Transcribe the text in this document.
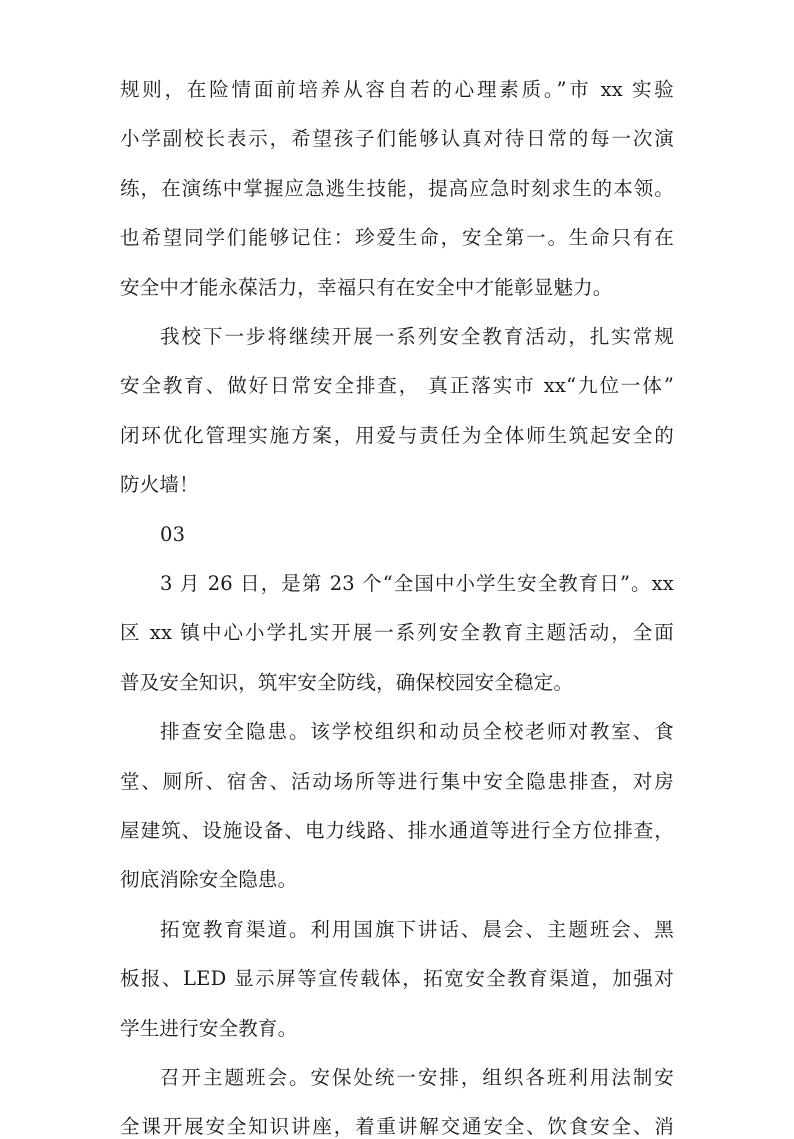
规则，在险情面前培养从容自若的心理素质。”市 xx 实验
小学副校长表示，希望孩子们能够认真对待日常的每一次演
练，在演练中掌握应急逃生技能，提高应急时刻求生的本领。
也希望同学们能够记住：珍爱生命，安全第一。生命只有在
安全中才能永葆活力，幸福只有在安全中才能彰显魅力。
我校下一步将继续开展一系列安全教育活动，扎实常规
安全教育、做好日常安全排查， 真正落实市 xx“九位一体”
闭环优化管理实施方案，用爱与责任为全体师生筑起安全的
防火墙！
03
3 月 26 日，是第 23 个“全国中小学生安全教育日”。xx
区 xx 镇中心小学扎实开展一系列安全教育主题活动，全面
普及安全知识，筑牢安全防线，确保校园安全稳定。
排查安全隐患。该学校组织和动员全校老师对教室、食
堂、厕所、宿舍、活动场所等进行集中安全隐患排查，对房
屋建筑、设施设备、电力线路、排水通道等进行全方位排查，
彻底消除安全隐患。
拓宽教育渠道。利用国旗下讲话、晨会、主题班会、黑
板报、LED 显示屏等宣传载体，拓宽安全教育渠道，加强对
学生进行安全教育。
召开主题班会。安保处统一安排，组织各班利用法制安
全课开展安全知识讲座，着重讲解交通安全、饮食安全、消
